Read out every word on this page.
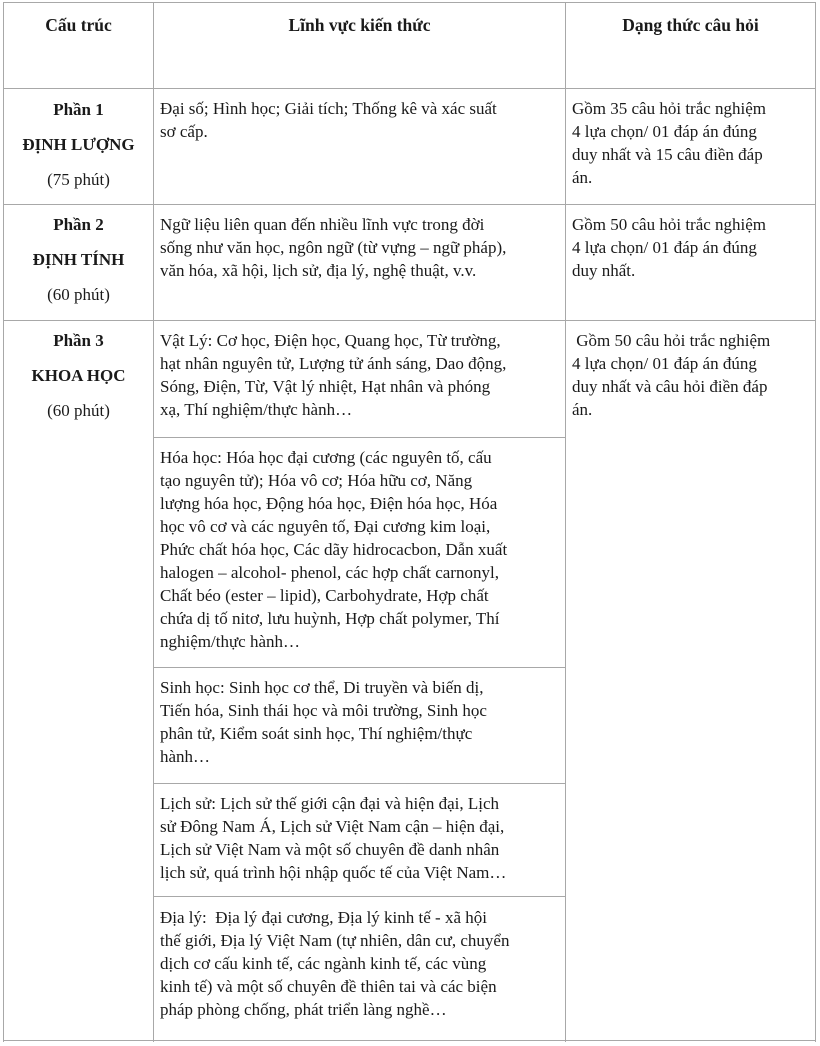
Cấu trúc	Lĩnh vực kiến thức	Dạng thức câu hỏi
Phần 1
ĐỊNH LƯỢNG
(75 phút)
Đại số; Hình học; Giải tích; Thống kê và xác suất
sơ cấp.
Gồm 35 câu hỏi trắc nghiệm
4 lựa chọn/ 01 đáp án đúng
duy nhất và 15 câu điền đáp
án.
Phần 2
ĐỊNH TÍNH
(60 phút)
Ngữ liệu liên quan đến nhiều lĩnh vực trong đời
sống như văn học, ngôn ngữ (từ vựng – ngữ pháp),
văn hóa, xã hội, lịch sử, địa lý, nghệ thuật, v.v.
Gồm 50 câu hỏi trắc nghiệm
4 lựa chọn/ 01 đáp án đúng
duy nhất.
Phần 3
KHOA HỌC
(60 phút)
Gồm 50 câu hỏi trắc nghiệm
4 lựa chọn/ 01 đáp án đúng
duy nhất và câu hỏi điền đáp
án.
Vật Lý: Cơ học, Điện học, Quang học, Từ trường,
hạt nhân nguyên tử, Lượng tử ánh sáng, Dao động,
Sóng, Điện, Từ, Vật lý nhiệt, Hạt nhân và phóng
xạ, Thí nghiệm/thực hành…
Hóa học: Hóa học đại cương (các nguyên tố, cấu
tạo nguyên tử); Hóa vô cơ; Hóa hữu cơ, Năng
lượng hóa học, Động hóa học, Điện hóa học, Hóa
học vô cơ và các nguyên tố, Đại cương kim loại,
Phức chất hóa học, Các dãy hidrocacbon, Dẫn xuất
halogen – alcohol- phenol, các hợp chất carnonyl,
Chất béo (ester – lipid), Carbohydrate, Hợp chất
chứa dị tố nitơ, lưu huỳnh, Hợp chất polymer, Thí
nghiệm/thực hành…
Sinh học: Sinh học cơ thể, Di truyền và biến dị,
Tiến hóa, Sinh thái học và môi trường, Sinh học
phân tử, Kiểm soát sinh học, Thí nghiệm/thực
hành…
Lịch sử: Lịch sử thế giới cận đại và hiện đại, Lịch
sử Đông Nam Á, Lịch sử Việt Nam cận – hiện đại,
Lịch sử Việt Nam và một số chuyên đề danh nhân
lịch sử, quá trình hội nhập quốc tế của Việt Nam…
Địa lý:  Địa lý đại cương, Địa lý kinh tế - xã hội
thế giới, Địa lý Việt Nam (tự nhiên, dân cư, chuyển
dịch cơ cấu kinh tế, các ngành kinh tế, các vùng
kinh tế) và một số chuyên đề thiên tai và các biện
pháp phòng chống, phát triển làng nghề…
